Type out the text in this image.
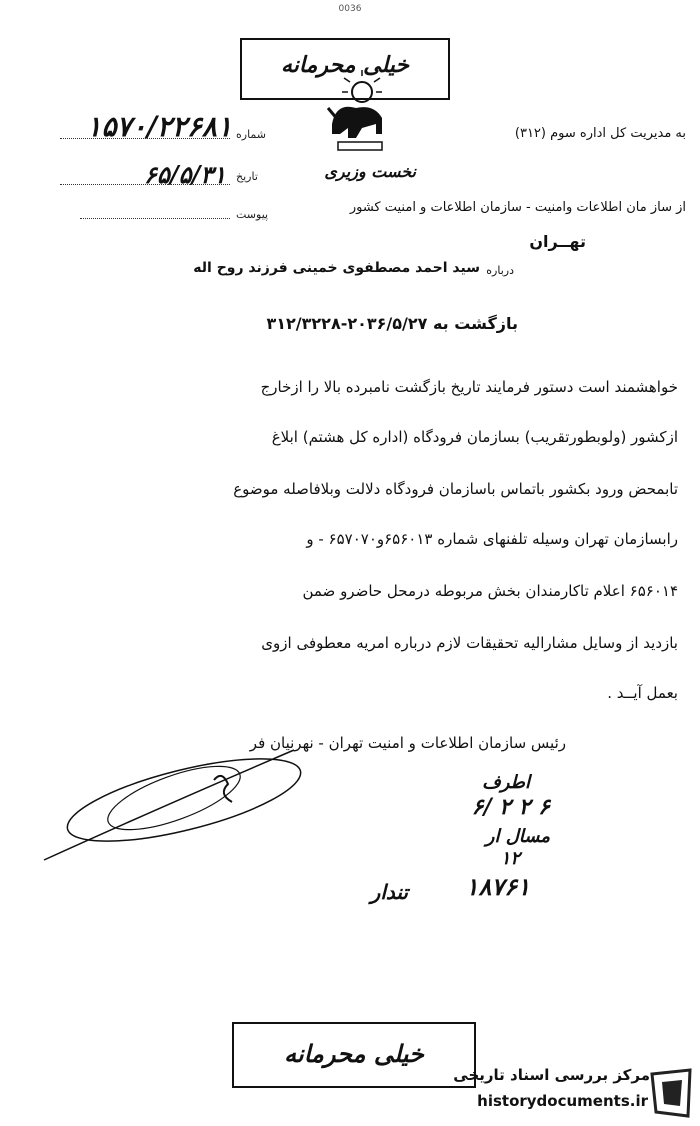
0036
خیلی محرمانه
شماره
۱۵۷۰/۲۲۶۸۱
تاریخ
۶۵/۵/۳۱
پیوست
به مدیریت کل اداره سوم (۳۱۲)
نخست وزیری
از ساز مان اطلاعات وامنیت - سازمان اطلاعات و امنیت کشور
تهــران
درباره
سید احمد مصطفوی خمینی فرزند روح اله
بازگشت به ۲۰۳۶/۵/۲۷-۳۱۲/۳۲۲۸
خواهشمند است دستور فرمایند تاریخ بازگشت نامبرده بالا را ازخارج
ازکشور (ولوبطورتقریب) بسازمان فرودگاه (اداره کل هشتم) ابلاغ
تابمحض ورود بکشور باتماس باسازمان فرودگاه دلالت وبلافاصله موضوع
رابسازمان تهران وسیله تلفنهای شماره ۶۵۶۰۱۳و۶۵۷۰۷۰ - و
۶۵۶۰۱۴ اعلام تاکارمندان بخش مربوطه درمحل حاضرو ضمن
بازدید از وسایل مشارالیه تحقیقات لازم درباره امریه معطوفی ازوی
بعمل آیــد .
رئیس سازمان اطلاعات و امنیت تهران - نهرنیان فر
اطرف
۶ ۲ ۲ /۶
مسال ار
۱۲
۱۸۷۶۱
تندار
خیلی محرمانه
مرکز بررسی اسناد تاریخی
historydocuments.ir
